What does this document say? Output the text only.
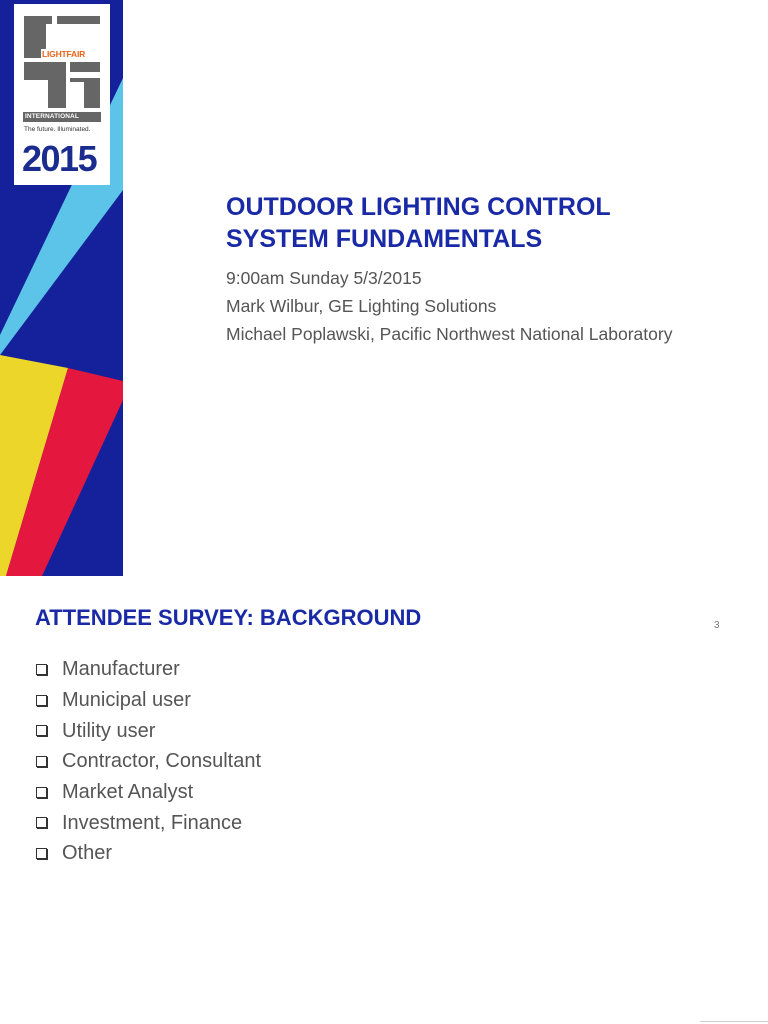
LIGHTFAIR
INTERNATIONAL
The future. Illuminated.
2015
OUTDOOR LIGHTING CONTROL
SYSTEM FUNDAMENTALS
9:00am Sunday 5/3/2015
Mark Wilbur, GE Lighting Solutions
Michael Poplawski, Pacific Northwest National Laboratory
ATTENDEE SURVEY: BACKGROUND	3
Manufacturer
Municipal user
Utility user
Contractor, Consultant
Market Analyst
Investment, Finance
Other
